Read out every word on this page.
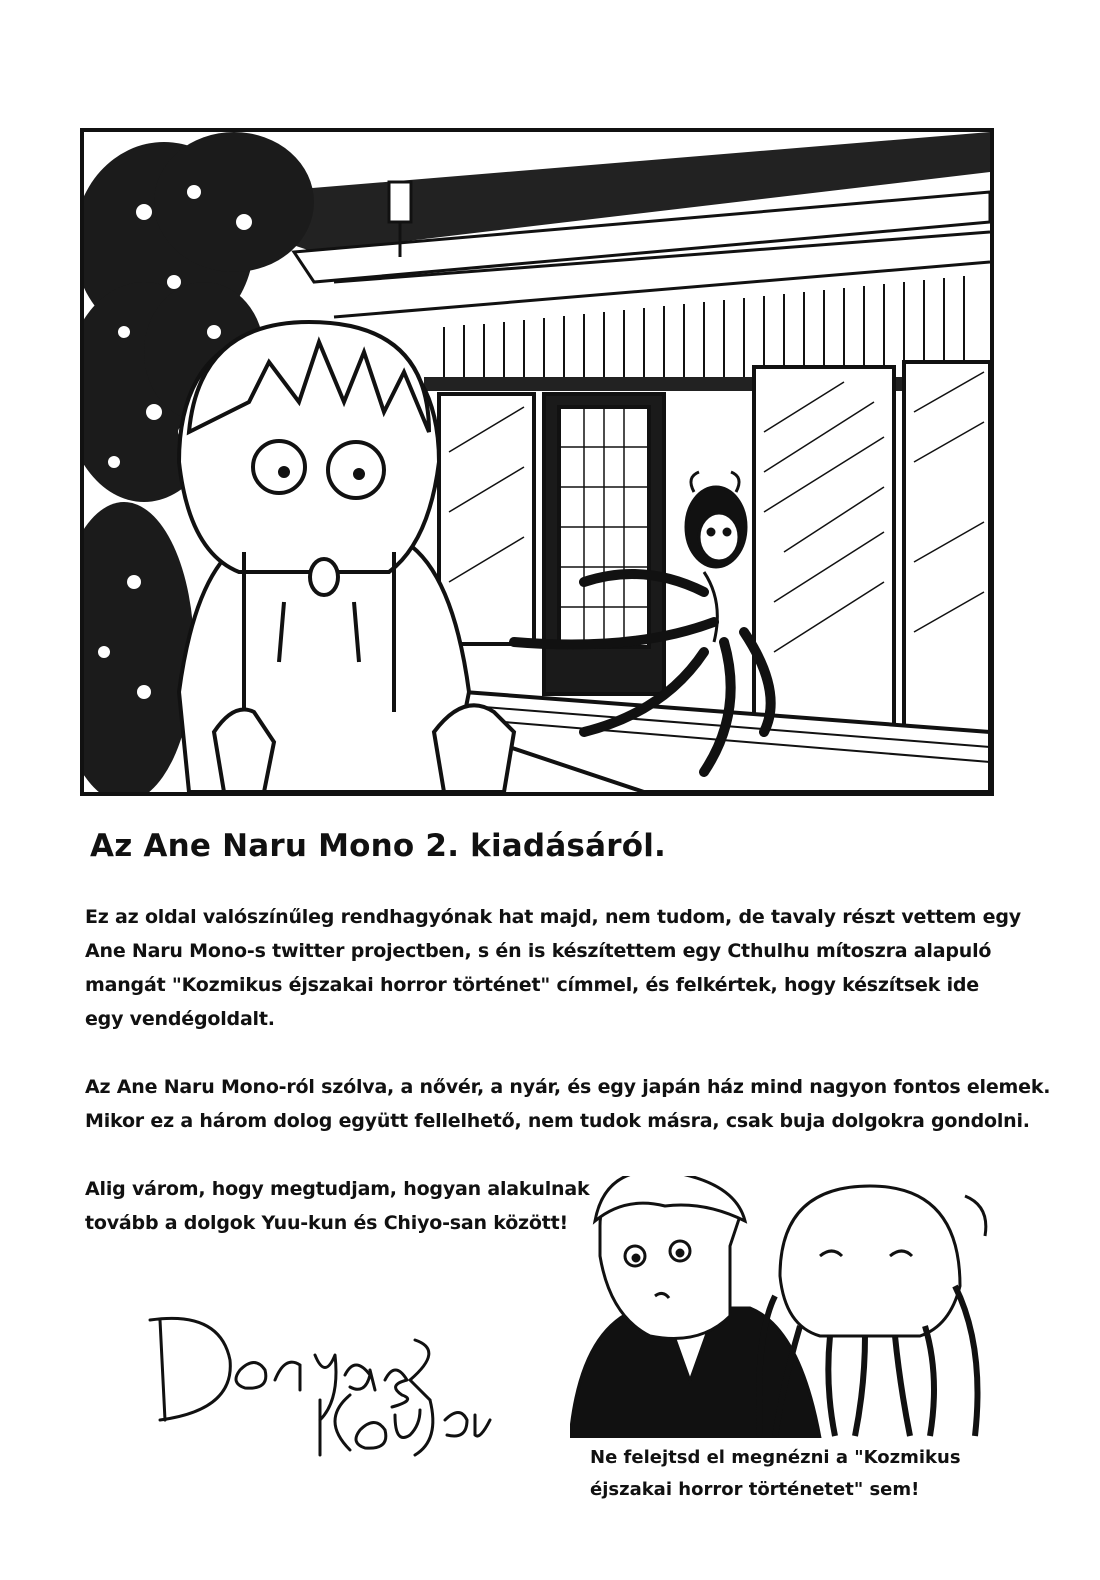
Az Ane Naru Mono 2. kiadásáról.

Ez az oldal valószínűleg rendhagyónak hat majd, nem tudom, de tavaly részt vettem egy
Ane Naru Mono-s twitter projectben, s én is készítettem egy Cthulhu mítoszra alapuló
mangát "Kozmikus éjszakai horror történet" címmel, és felkértek, hogy készítsek ide
egy vendégoldalt.

Az Ane Naru Mono-ról szólva, a nővér, a nyár, és egy japán ház mind nagyon fontos elemek.
Mikor ez a három dolog együtt fellelhető, nem tudok másra, csak buja dolgokra gondolni.

Alig várom, hogy megtudjam, hogyan alakulnak
tovább a dolgok Yuu-kun és Chiyo-san között!

Ne felejtsd el megnézni a "Kozmikus
éjszakai horror történetet" sem!
